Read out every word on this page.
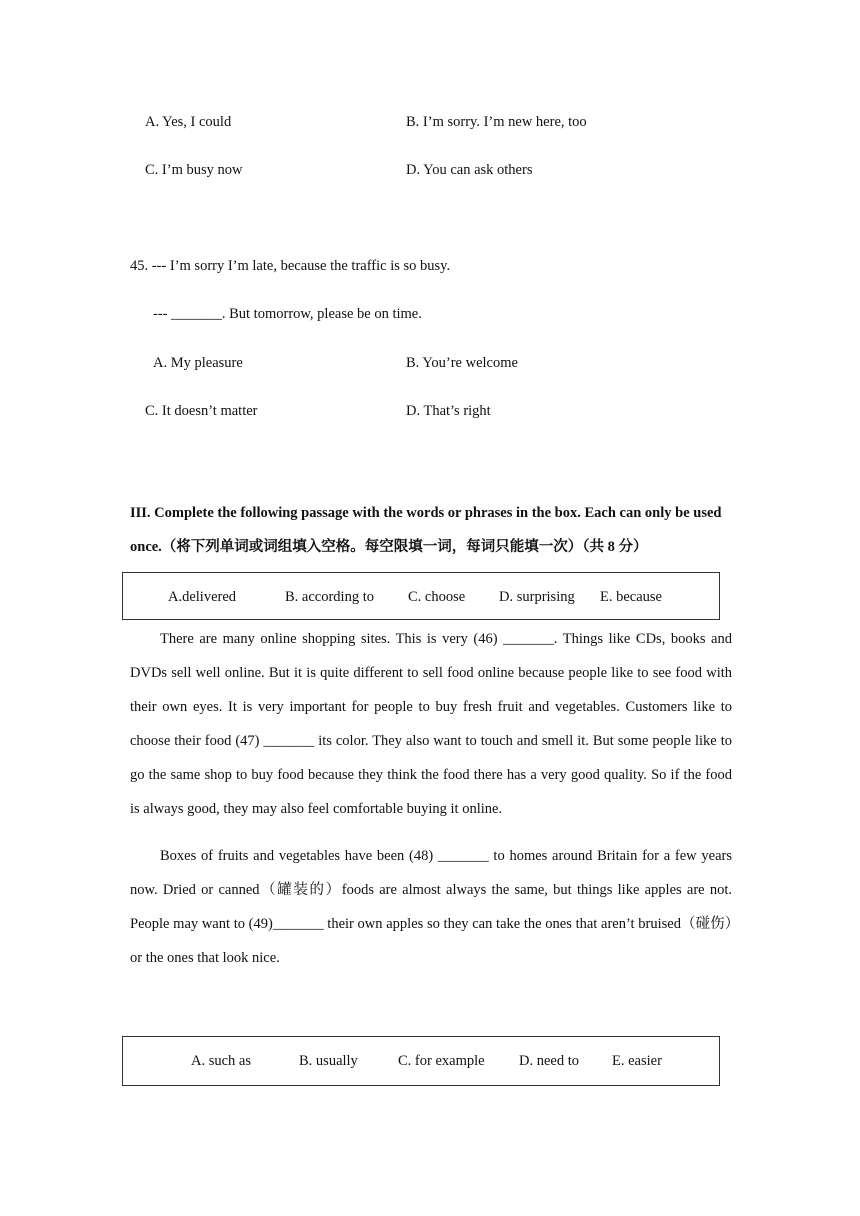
A. Yes, I could	B. I’m sorry. I’m new here, too
C. I’m busy now	D. You can ask others
45. --- I’m sorry I’m late, because the traffic is so busy.
--- _______. But tomorrow, please be on time.
A. My pleasure	B. You’re welcome
C. It doesn’t matter	D. That’s right
III. Complete the following passage with the words or phrases in the box. Each can only be used once.（将下列单词或词组填入空格。每空限填一词，每词只能填一次）（共 8 分）
A.delivered	B. according to C. choose D. surprising E. because
There are many online shopping sites. This is very (46) _______. Things like CDs, books and DVDs sell well online. But it is quite different to sell food online because people like to see food with their own eyes. It is very important for people to buy fresh fruit and vegetables. Customers like to choose their food (47) _______ its color. They also want to touch and smell it. But some people like to go the same shop to buy food because they think the food there has a very good quality. So if the food is always good, they may also feel comfortable buying it online.
Boxes of fruits and vegetables have been (48) _______ to homes around Britain for a few years now. Dried or canned（罐装的）foods are almost always the same, but things like apples are not. People may want to (49)_______ their own apples so they can take the ones that aren’t bruised（碰伤）or the ones that look nice.
A. such as	B. usually	C. for example D. need to E. easier
